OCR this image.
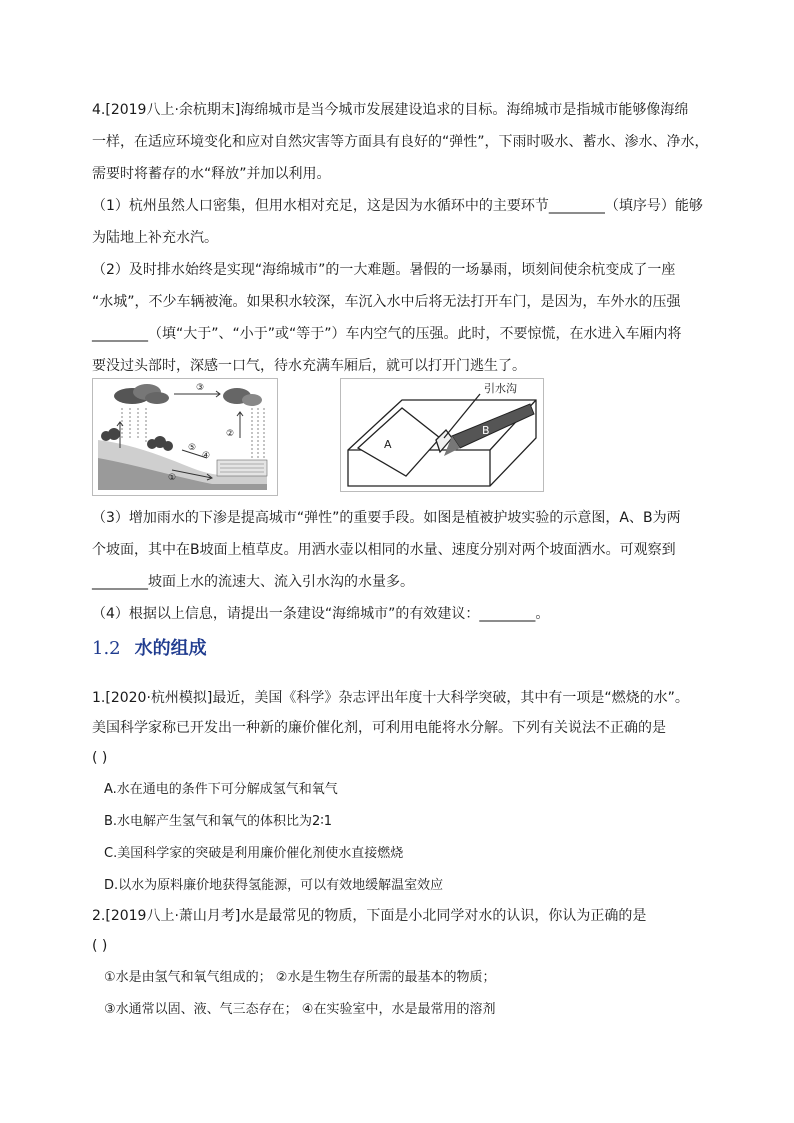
4.[2019八上·余杭期末]海绵城市是当今城市发展建设追求的目标。海绵城市是指城市能够像海绵
一样，在适应环境变化和应对自然灾害等方面具有良好的“弹性”，下雨时吸水、蓄水、渗水、净水，
需要时将蓄存的水“释放”并加以利用。
（1）杭州虽然人口密集，但用水相对充足，这是因为水循环中的主要环节________（填序号）能够
为陆地上补充水汽。
（2）及时排水始终是实现“海绵城市”的一大难题。暑假的一场暴雨，顷刻间使余杭变成了一座
“水城”，不少车辆被淹。如果积水较深，车沉入水中后将无法打开车门，是因为，车外水的压强
________（填“大于”、“小于”或“等于”）车内空气的压强。此时，不要惊慌，在水进入车厢内将
要没过头部时，深感一口气，待水充满车厢后，就可以打开门逃生了。
③
⑤
②
④
①
引水沟
A
B
（3）增加雨水的下渗是提高城市“弹性”的重要手段。如图是植被护坡实验的示意图，A、B为两
个坡面，其中在B坡面上植草皮。用洒水壶以相同的水量、速度分别对两个坡面洒水。可观察到
________坡面上水的流速大、流入引水沟的水量多。
（4）根据以上信息，请提出一条建设“海绵城市”的有效建议：________。
1.2 水的组成
1.[2020·杭州模拟]最近，美国《科学》杂志评出年度十大科学突破，其中有一项是“燃烧的水”。
美国科学家称已开发出一种新的廉价催化剂，可利用电能将水分解。下列有关说法不正确的是
( )
A.水在通电的条件下可分解成氢气和氧气
B.水电解产生氢气和氧气的体积比为2∶1
C.美国科学家的突破是利用廉价催化剂使水直接燃烧
D.以水为原料廉价地获得氢能源，可以有效地缓解温室效应
2.[2019八上·萧山月考]水是最常见的物质，下面是小北同学对水的认识，你认为正确的是
( )
①水是由氢气和氧气组成的； ②水是生物生存所需的最基本的物质；
③水通常以固、液、气三态存在； ④在实验室中，水是最常用的溶剂
